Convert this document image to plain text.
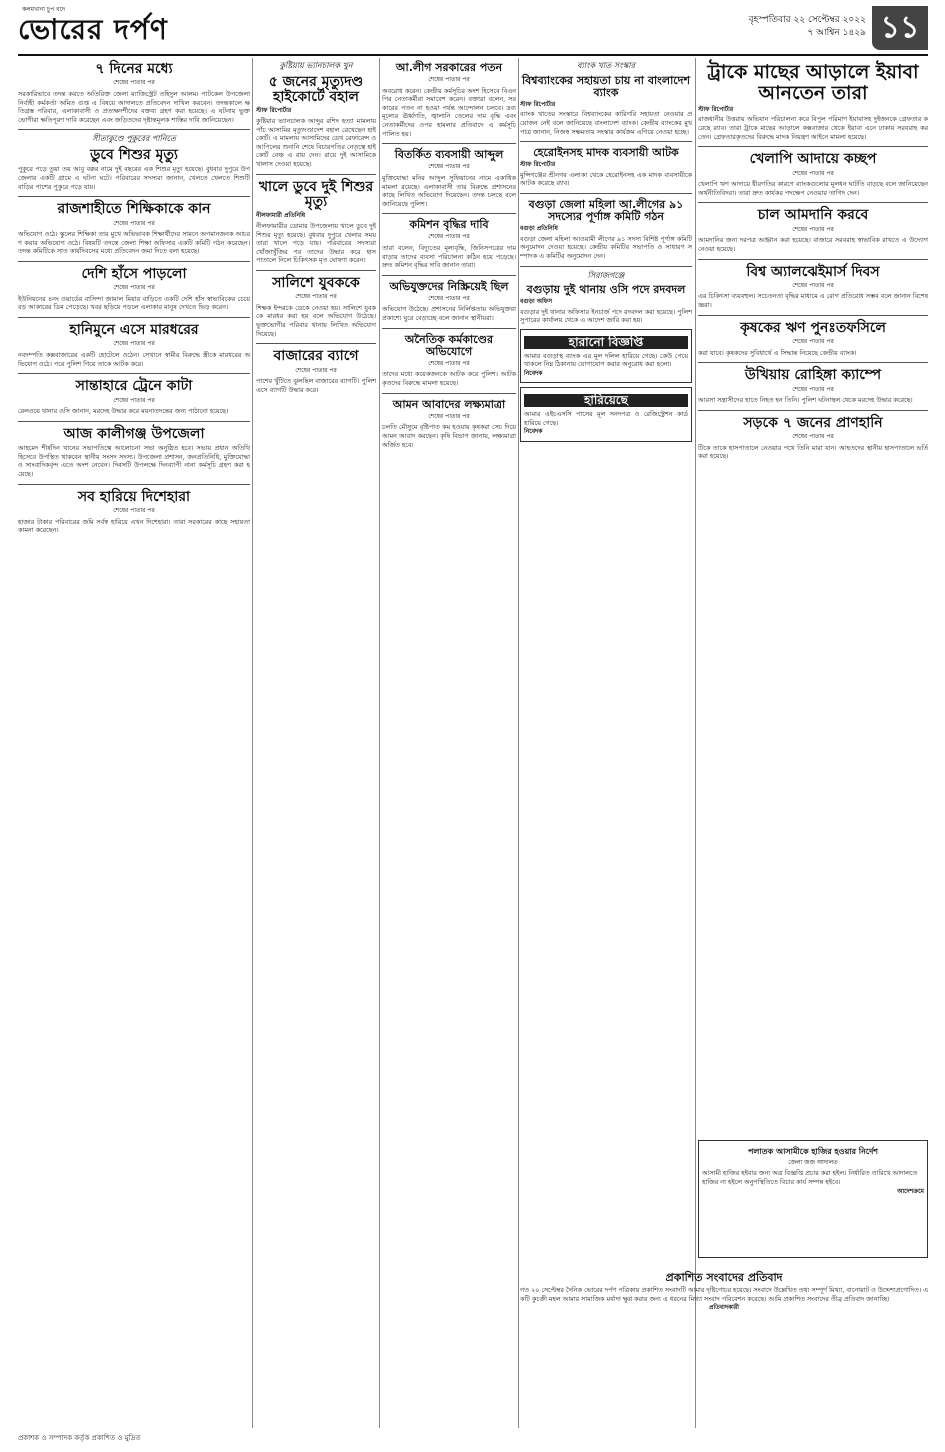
কলমখানা চুপ বদে
ভোরের দর্পণ	বৃহস্পতিবার ২২ সেপ্টেম্বর ২০২২
৭ আশ্বিন ১৪২৯ ১১
৭ দিনের মধ্যে
শেষের পাতার পর
সরকারিভাবে তদন্ত করতে অতিরিক্ত জেলা ম্যাজিস্ট্রেট তহিদুল আলম। পাটকেল উপজেলা নির্বাহী কর্মকর্তা অমিত গুপ্ত এ বিষয়ে আদালতে প্রতিবেদন দাখিল করবেন। তদন্তকালে ক্ষতিগ্রস্ত পরিবার, এলাকাবাসী ও প্রত্যক্ষদর্শীদের বক্তব্য গ্রহণ করা হয়েছে। এ ঘটনায় ভুক্তভোগীরা ক্ষতিপূরণ দাবি করেছেন এবং জড়িতদের দৃষ্টান্তমূলক শাস্তির দাবি জানিয়েছেন।
সীতাকুণ্ডে পুকুরের পানিতে
ডুবে শিশুর মৃত্যু
পুকুরে পড়ে তুয়া তয় আবু বক্কর নামে দুই বছরের এক শিশুর মৃত্যু হয়েছে। বুধবার দুপুরে উপজেলার একটি গ্রামে এ ঘটনা ঘটে। পরিবারের সদস্যরা জানান, খেলতে খেলতে শিশুটি বাড়ির পাশের পুকুরে পড়ে যায়।
রাজশাহীতে শিক্ষিকাকে কান
শেষের পাতার পর
অভিযোগ ওঠে। স্কুলের শিক্ষিকা তার মুখে অভিভাবক শিক্ষার্থীদের সামনে অপমানজনক আচরণ করার অভিযোগ ওঠে। বিষয়টি তদন্তে জেলা শিক্ষা অফিসার একটি কমিটি গঠন করেছেন। তদন্ত কমিটিকে সাত কার্যদিবসের মধ্যে প্রতিবেদন জমা দিতে বলা হয়েছে।
দেশি হাঁসে পাড়লো
শেষের পাতার পর
ইউনিয়নের ৪নং ওয়ার্ডের বাসিন্দা জামাল মিয়ার বাড়িতে একটি দেশি হাঁস স্বাভাবিকের চেয়ে বড় আকারের ডিম পেড়েছে। খবর ছড়িয়ে পড়লে এলাকার মানুষ দেখতে ভিড় করেন।
হানিমুনে এসে মারধরের
শেষের পাতার পর
নবদম্পতি কক্সবাজারের একটি হোটেলে ওঠেন। সেখানে স্বামীর বিরুদ্ধে স্ত্রীকে মারধরের অভিযোগ ওঠে। পরে পুলিশ গিয়ে তাকে আটক করে।
সান্তাহারে ট্রেনে কাটা
শেষের পাতার পর
রেলওয়ে থানার ওসি জানান, মরদেহ উদ্ধার করে ময়নাতদন্তের জন্য পাঠানো হয়েছে।
আজ কালীগঞ্জ উপজেলা
আহমেদ শীর্ষদিন খানের সভাপতিত্বে আলোচনা সভা অনুষ্ঠিত হবে। সভায় প্রধান অতিথি হিসেবে উপস্থিত থাকবেন স্থানীয় সংসদ সদস্য। উপজেলা প্রশাসন, জনপ্রতিনিধি, মুক্তিযোদ্ধা ও সাংবাদিকবৃন্দ এতে অংশ নেবেন। দিবসটি উপলক্ষে দিনব্যাপী নানা কর্মসূচি গ্রহণ করা হয়েছে।
সব হারিয়ে দিশেহারা
শেষের পাতার পর
হাজার টাকার পরিবারের জমি সর্বস্ব হারিয়ে এখন দিশেহারা। তারা সরকারের কাছে সহায়তা কামনা করেছেন।
কুষ্টিয়ায় ভ্যানচালক খুন
৫ জনের মৃত্যুদণ্ড হাইকোর্টে বহাল
স্টাফ রিপোর্টার
কুষ্টিয়ার ভ্যানচালক আব্দুর রশিদ হত্যা মামলায় পাঁচ আসামির মৃত্যুদণ্ডাদেশ বহাল রেখেছেন হাইকোর্ট। এ মামলায় আসামিদের ডেথ রেফারেন্স ও আপিলের শুনানি শেষে বিচারপতির নেতৃত্বে হাইকোর্ট বেঞ্চ এ রায় দেন। রায়ে দুই আসামিকে খালাস দেওয়া হয়েছে।
খালে ডুবে দুই শিশুর মৃত্যু
নীলফামারী প্রতিনিধি
নীলফামারীর ডোমার উপজেলায় খালে ডুবে দুই শিশুর মৃত্যু হয়েছে। বুধবার দুপুরে খেলার সময় তারা খালে পড়ে যায়। পরিবারের সদস্যরা খোঁজাখুঁজির পর তাদের উদ্ধার করে হাসপাতালে নিলে চিকিৎসক মৃত ঘোষণা করেন।
সালিশে যুবককে
শেষের পাতার পর
শিক্ষক ইন্দরকে ডেকে নেওয়া হয়। সালিশে যুবককে মারধর করা হয় বলে অভিযোগ উঠেছে। ভুক্তভোগীর পরিবার থানায় লিখিত অভিযোগ দিয়েছে।
বাজারের ব্যাগে
শেষের পাতার পর
পাশের খুঁটিতে ঝুলছিল বাজারের ব্যাগটি। পুলিশ এসে ব্যাগটি উদ্ধার করে।
আ.লীগ সরকারের পতন
শেষের পাতার পর
অবরোধ করেন। কেন্দ্রীয় কর্মসূচির অংশ হিসেবে বিএনপির নেতাকর্মীরা সমাবেশ করেন। বক্তারা বলেন, সরকারের পতন না হওয়া পর্যন্ত আন্দোলন চলবে। দ্রব্যমূল্যের ঊর্ধ্বগতি, জ্বালানি তেলের দাম বৃদ্ধি এবং নেতাকর্মীদের ওপর হামলার প্রতিবাদে এ কর্মসূচি পালিত হয়।
বিতর্কিত ব্যবসায়ী আব্দুল
শেষের পাতার পর
মুক্তিযোদ্ধা মনির আব্দুল সুফিয়ানের নামে একাধিক মামলা রয়েছে। এলাকাবাসী তার বিরুদ্ধে প্রশাসনের কাছে লিখিত অভিযোগ দিয়েছেন। তদন্ত চলছে বলে জানিয়েছে পুলিশ।
কমিশন বৃদ্ধির দাবি
শেষের পাতার পর
তারা বলেন, বিদ্যুতের মূল্যবৃদ্ধি, জিনিসপত্রের দাম বাড়ায় তাদের ব্যবসা পরিচালনা কঠিন হয়ে পড়েছে। দ্রুত কমিশন বৃদ্ধির দাবি জানান তারা।
অভিযুক্তদের নিস্ক্রিয়েই ছিল
শেষের পাতার পর
অভিযোগ উঠেছে। প্রশাসনের নির্লিপ্ততায় অভিযুক্তরা প্রকাশ্যে ঘুরে বেড়াচ্ছে বলে জানান স্থানীয়রা।
অনৈতিক কর্মকাণ্ডের অভিযোগে
শেষের পাতার পর
তাদের মধ্যে কয়েকজনকে আটক করে পুলিশ। আটককৃতদের বিরুদ্ধে মামলা হয়েছে।
আমন আবাদের লক্ষ্যমাত্রা
শেষের পাতার পর
চলতি মৌসুমে বৃষ্টিপাত কম হওয়ায় কৃষকরা সেচ দিয়ে আমন আবাদ করছেন। কৃষি বিভাগ জানায়, লক্ষ্যমাত্রা অর্জিত হবে।
ব্যাংক খাত সংস্কার
বিশ্বব্যাংকের সহায়তা চায় না বাংলাদেশ ব্যাংক
স্টাফ রিপোর্টার
ব্যাংক খাতের সংস্কারে বিশ্বব্যাংকের কারিগরি সহায়তা নেওয়ার প্রয়োজন নেই বলে জানিয়েছে বাংলাদেশ ব্যাংক। কেন্দ্রীয় ব্যাংকের মুখপাত্র জানান, নিজস্ব সক্ষমতায় সংস্কার কার্যক্রম এগিয়ে নেওয়া হচ্ছে।
হেরোইনসহ মাদক ব্যবসায়ী আটক
স্টাফ রিপোর্টার
মুন্সিগঞ্জের শ্রীনগর এলাকা থেকে হেরোইনসহ এক মাদক ব্যবসায়ীকে আটক করেছে র‍্যাব।
বগুড়া জেলা মহিলা আ.লীগের ৯১ সদস্যের পূর্ণাঙ্গ কমিটি গঠন
বগুড়া প্রতিনিধি
বগুড়া জেলা মহিলা আওয়ামী লীগের ৯১ সদস্য বিশিষ্ট পূর্ণাঙ্গ কমিটি অনুমোদন দেওয়া হয়েছে। কেন্দ্রীয় কমিটির সভাপতি ও সাধারণ সম্পাদক এ কমিটির অনুমোদন দেন।
সিরাজগঞ্জে
বগুড়ায় দুই থানায় ওসি পদে রদবদল
বগুড়া অফিস
বগুড়ার দুই থানার অফিসার ইনচার্জ পদে রদবদল করা হয়েছে। পুলিশ সুপারের কার্যালয় থেকে এ আদেশ জারি করা হয়।
হারানো বিজ্ঞপ্তি
আমার বগুড়াস্থ ব্যাংক এর মূল দলিল হারিয়ে গেছে। কেউ পেয়ে থাকলে নিম্ন ঠিকানায় যোগাযোগ করার অনুরোধ করা হলো।
নিবেদক
হারিয়েছে
আমার এইচএসসি পাসের মূল সনদপত্র ও রেজিস্ট্রেশন কার্ড হারিয়ে গেছে।
নিবেদক
ট্রাকে মাছের আড়ালে ইয়াবা আনতেন তারা
স্টাফ রিপোর্টার
রাজধানীর উত্তরায় অভিযান পরিচালনা করে বিপুল পরিমাণ ইয়াবাসহ দুইজনকে গ্রেফতার করেছে র‍্যাব। তারা ট্রাকে মাছের আড়ালে কক্সবাজার থেকে ইয়াবা এনে ঢাকায় সরবরাহ করতেন। গ্রেফতারকৃতদের বিরুদ্ধে মাদক নিয়ন্ত্রণ আইনে মামলা হয়েছে।
খেলাপি আদায়ে কচ্ছপ
শেষের পাতার পর
খেলাপি ঋণ আদায়ে ধীরগতির কারণে ব্যাংকগুলোর মূলধন ঘাটতি বাড়ছে বলে জানিয়েছেন অর্থনীতিবিদরা। তারা দ্রুত কার্যকর পদক্ষেপ নেওয়ার তাগিদ দেন।
চাল আমদানি করবে
শেষের পাতার পর
আমদানির জন্য দরপত্র আহ্বান করা হয়েছে। বাজারে সরবরাহ স্বাভাবিক রাখতে এ উদ্যোগ নেওয়া হয়েছে।
বিশ্ব অ্যালঝেইমার্স দিবস
শেষের পাতার পর
এর চিকিৎসা ব্যয়বহুল। সচেতনতা বৃদ্ধির মাধ্যমে এ রোগ প্রতিরোধ সম্ভব বলে জানান বিশেষজ্ঞরা।
কৃষকের ঋণ পুনঃতফসিলে
শেষের পাতার পর
করা যাবে। কৃষকদের সুবিধার্থে এ সিদ্ধান্ত নিয়েছে কেন্দ্রীয় ব্যাংক।
উখিয়ায় রোহিঙ্গা ক্যাম্পে
শেষের পাতার পর
আরসা সন্ত্রাসীদের হাতে নিহত হন তিনি। পুলিশ ঘটনাস্থল থেকে মরদেহ উদ্ধার করেছে।
সড়কে ৭ জনের প্রাণহানি
শেষের পাতার পর
টিকে তাকে হাসপাতালে নেওয়ার পথে তিনি মারা যান। আহতদের স্থানীয় হাসপাতালে ভর্তি করা হয়েছে।
পলাতক আসামীকে হাজির হওয়ার নির্দেশ
জেলা জজ আদালত
আসামী হাজির হইবার জন্য অত্র বিজ্ঞপ্তি প্রচার করা হইল। নির্ধারিত তারিখে আদালতে হাজির না হইলে অনুপস্থিতিতে বিচার কার্য সম্পন্ন হইবে।
আদেশক্রমে
প্রকাশিত সংবাদের প্রতিবাদ
গত ২০ সেপ্টেম্বর দৈনিক ভোরের দর্পণ পত্রিকায় প্রকাশিত সংবাদটি আমার দৃষ্টিগোচর হয়েছে। সংবাদে উল্লেখিত তথ্য সম্পূর্ণ মিথ্যা, বানোয়াট ও উদ্দেশ্যপ্রণোদিত। একটি কুচক্রী মহল আমার সামাজিক মর্যাদা ক্ষুণ্ণ করার জন্য এ ধরনের মিথ্যা সংবাদ পরিবেশন করেছে। আমি প্রকাশিত সংবাদের তীব্র প্রতিবাদ জানাচ্ছি।
প্রতিবাদকারী
প্রকাশক ও সম্পাদক কর্তৃক প্রকাশিত ও মুদ্রিত
